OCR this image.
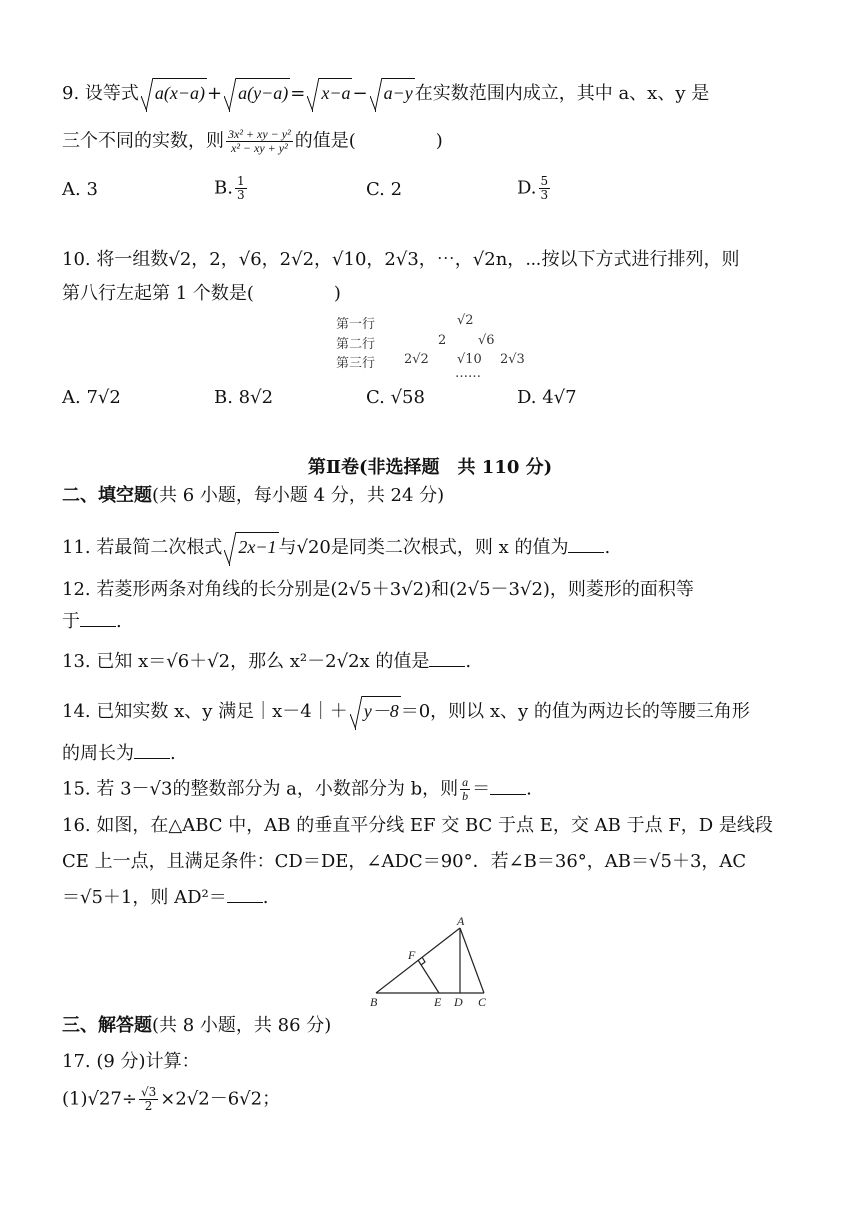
9. 设等式 a(x−a) + a(y−a) = x−a − a−y 在实数范围内成立，其中 a、x、y 是
三个不同的实数，则 $\frac{\text{3x² + xy − y²}}{\text{x² − xy + y²}}$ 的值是(	)
A. 3	B. $\frac{1}{3}$	C. 2	D. $\frac{5}{3}$
10. 将一组数√2，2，√6，2√2，√10，2√3，⋯，√2n，⋯按以下方式进行排列，则
第八行左起第 1 个数是(	)
第一行
第二行
第三行
√2
2 √6
2√2 √10 2√3
……
A. 7√2	B. 8√2	C. √58	D. 4√7
第Ⅱ卷(非选择题　共 110 分)
二、填空题(共 6 小题，每小题 4 分，共 24 分)
11. 若最简二次根式 2x−1 与√20是同类二次根式，则 x 的值为 .
12. 若菱形两条对角线的长分别是(2√5＋3√2)和(2√5－3√2)，则菱形的面积等
于 .
13. 已知 x＝√6＋√2，那么 x²－2√2x 的值是 .
14. 已知实数 x、y 满足｜x－4｜＋ y－8 ＝0，则以 x、y 的值为两边长的等腰三角形
的周长为 .
15. 若 3－√3的整数部分为 a，小数部分为 b，则 $\frac{a}{b}$ ＝ .
16. 如图，在△ABC 中，AB 的垂直平分线 EF 交 BC 于点 E，交 AB 于点 F，D 是线段
CE 上一点，且满足条件：CD＝DE，∠ADC＝90°．若∠B＝36°，AB＝√5＋3，AC
＝√5＋1，则 AD²＝ .
A
B	C
D
E
F
三、解答题(共 8 小题，共 86 分)
17. (9 分)计算：
$(1)√27\div \frac{√3}{2} \times 2√2-6√2$；
